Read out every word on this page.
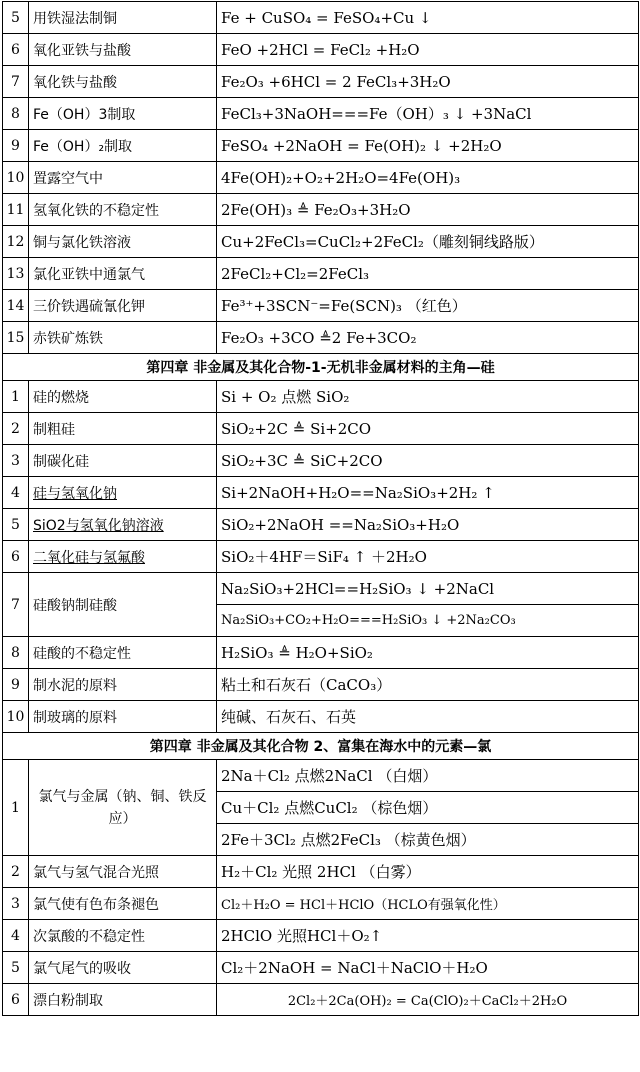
5	用铁湿法制铜	Fe + CuSO₄ = FeSO₄+Cu ↓
6	氧化亚铁与盐酸	FeO +2HCl = FeCl₂ +H₂O
7	氧化铁与盐酸	Fe₂O₃ +6HCl = 2 FeCl₃+3H₂O
8	Fe（OH）3制取	FeCl₃+3NaOH===Fe（OH）₃ ↓ +3NaCl
9	Fe（OH）₂制取	FeSO₄ +2NaOH = Fe(OH)₂ ↓ +2H₂O
10	置露空气中	4Fe(OH)₂+O₂+2H₂O=4Fe(OH)₃
11	氢氧化铁的不稳定性	2Fe(OH)₃ ≜ Fe₂O₃+3H₂O
12	铜与氯化铁溶液	Cu+2FeCl₃=CuCl₂+2FeCl₂（雕刻铜线路版）
13	氯化亚铁中通氯气	2FeCl₂+Cl₂=2FeCl₃
14	三价铁遇硫氰化钾	Fe³⁺+3SCN⁻=Fe(SCN)₃ （红色）
15	赤铁矿炼铁	Fe₂O₃ +3CO ≜2 Fe+3CO₂
第四章 非金属及其化合物-1-无机非金属材料的主角—硅		
1	硅的燃烧	Si + O₂ 点燃 SiO₂
2	制粗硅	SiO₂+2C ≜ Si+2CO
3	制碳化硅	SiO₂+3C ≜ SiC+2CO
4	硅与氢氧化钠	Si+2NaOH+H₂O==Na₂SiO₃+2H₂ ↑
5	SiO2与氢氧化钠溶液	SiO₂+2NaOH ==Na₂SiO₃+H₂O
6	二氧化硅与氢氟酸	SiO₂＋4HF＝SiF₄ ↑ ＋2H₂O
7	硅酸钠制硅酸	Na₂SiO₃+2HCl==H₂SiO₃ ↓ +2NaCl
		Na₂SiO₃+CO₂+H₂O===H₂SiO₃ ↓ +2Na₂CO₃
8	硅酸的不稳定性	H₂SiO₃ ≜ H₂O+SiO₂
9	制水泥的原料	粘土和石灰石（CaCO₃）
10	制玻璃的原料	纯碱、石灰石、石英
第四章 非金属及其化合物 2、富集在海水中的元素—氯		
1	氯气与金属（钠、铜、铁反应）	2Na＋Cl₂ 点燃2NaCl （白烟）
		Cu＋Cl₂ 点燃CuCl₂ （棕色烟）
		2Fe＋3Cl₂ 点燃2FeCl₃ （棕黄色烟）
2	氯气与氢气混合光照	H₂＋Cl₂ 光照 2HCl （白雾）
3	氯气使有色布条褪色	Cl₂＋H₂O = HCl＋HClO（HCLO有强氧化性）
4	次氯酸的不稳定性	2HClO 光照HCl＋O₂↑
5	氯气尾气的吸收	Cl₂＋2NaOH = NaCl＋NaClO＋H₂O
6	漂白粉制取	2Cl₂＋2Ca(OH)₂ = Ca(ClO)₂＋CaCl₂＋2H₂O
